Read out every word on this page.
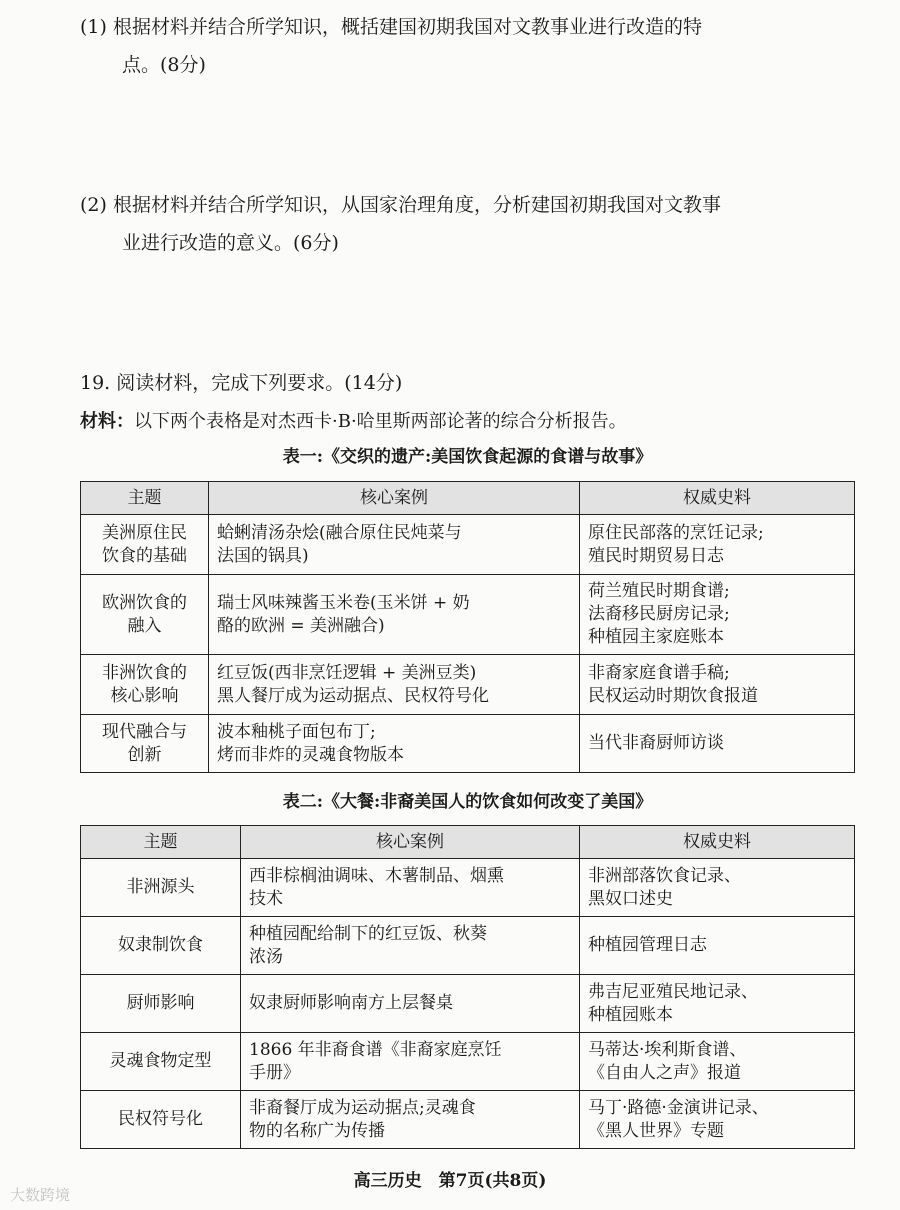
(1) 根据材料并结合所学知识，概括建国初期我国对文教事业进行改造的特
点。(8分)
(2) 根据材料并结合所学知识，从国家治理角度，分析建国初期我国对文教事
业进行改造的意义。(6分)
19. 阅读材料，完成下列要求。(14分)
材料：以下两个表格是对杰西卡·B·哈里斯两部论著的综合分析报告。
表一:《交织的遗产:美国饮食起源的食谱与故事》
主题	核心案例	权威史料

美洲原住民
饮食的基础	蛤蜊清汤杂烩(融合原住民炖菜与
法国的锅具)	原住民部落的烹饪记录;
殖民时期贸易日志

欧洲饮食的
融入	瑞士风味辣酱玉米卷(玉米饼 + 奶
酪的欧洲 = 美洲融合)	荷兰殖民时期食谱;
法裔移民厨房记录;
种植园主家庭账本

非洲饮食的
核心影响	红豆饭(西非烹饪逻辑 + 美洲豆类)
黑人餐厅成为运动据点、民权符号化	非裔家庭食谱手稿;
民权运动时期饮食报道

现代融合与
创新	波本釉桃子面包布丁;
烤而非炸的灵魂食物版本	当代非裔厨师访谈
表二:《大餐:非裔美国人的饮食如何改变了美国》
主题	核心案例	权威史料

非洲源头	西非棕榈油调味、木薯制品、烟熏
技术	非洲部落饮食记录、
黑奴口述史

奴隶制饮食	种植园配给制下的红豆饭、秋葵
浓汤	种植园管理日志

厨师影响	奴隶厨师影响南方上层餐桌	弗吉尼亚殖民地记录、
种植园账本

灵魂食物定型	1866 年非裔食谱《非裔家庭烹饪
手册》	马蒂达·埃利斯食谱、
《自由人之声》报道

民权符号化	非裔餐厅成为运动据点;灵魂食
物的名称广为传播	马丁·路德·金演讲记录、
《黑人世界》专题
高三历史　第7页(共8页)
大数跨境
